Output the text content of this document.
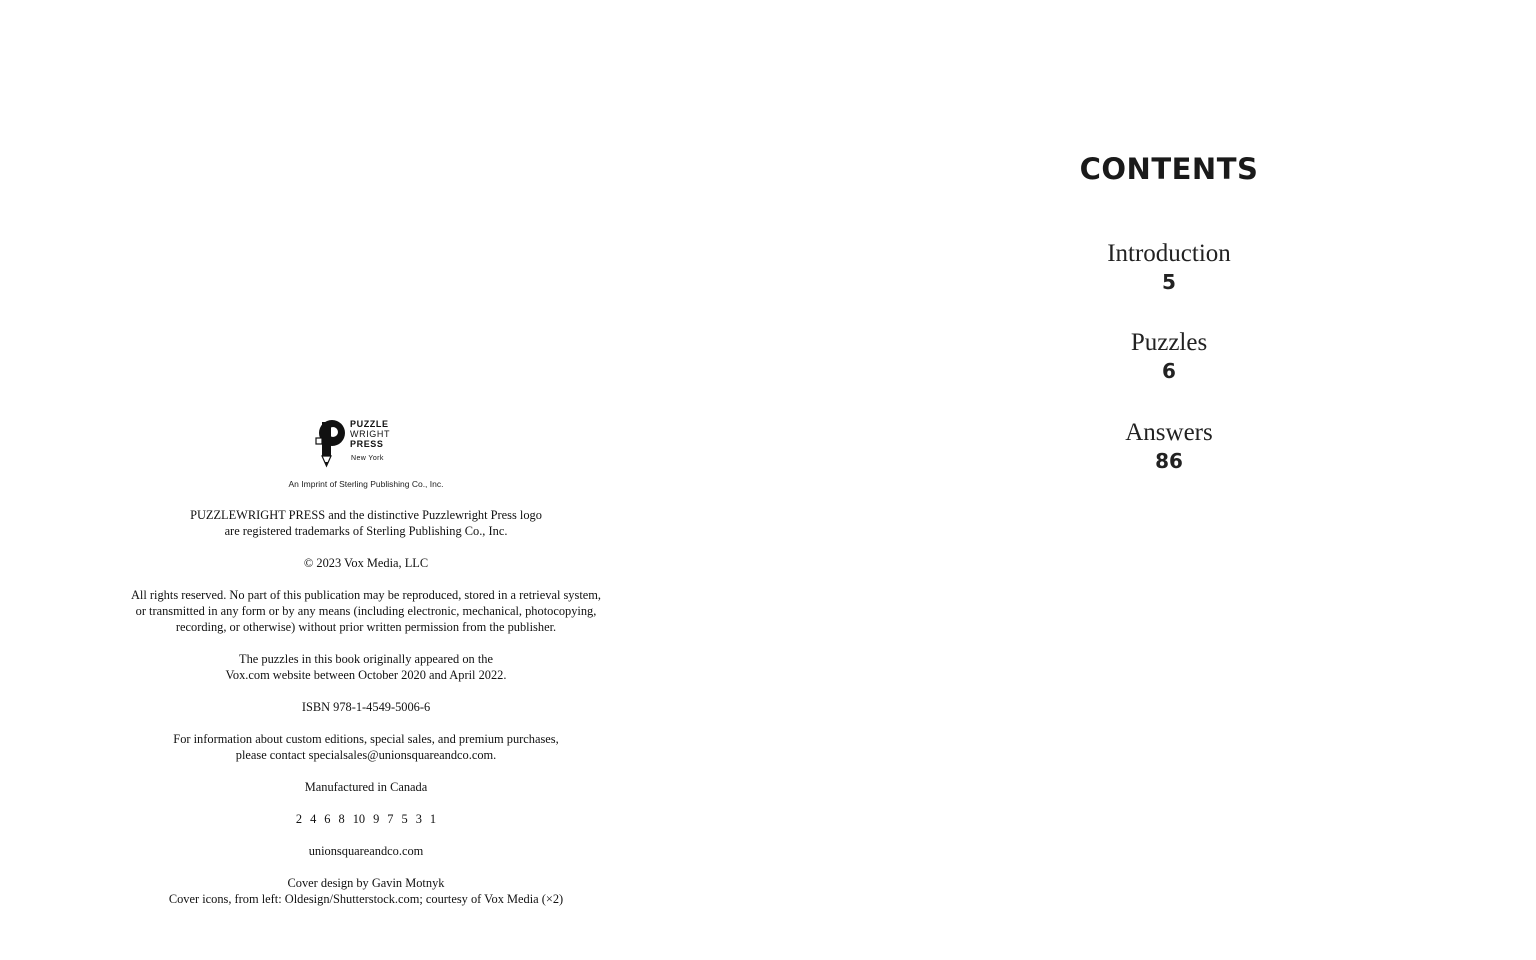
PUZZLE
WRIGHT
PRESS
New York
An Imprint of Sterling Publishing Co., Inc.

PUZZLEWRIGHT PRESS and the distinctive Puzzlewright Press logo
are registered trademarks of Sterling Publishing Co., Inc.

© 2023 Vox Media, LLC

All rights reserved. No part of this publication may be reproduced, stored in a retrieval system,
or transmitted in any form or by any means (including electronic, mechanical, photocopying,
recording, or otherwise) without prior written permission from the publisher.

The puzzles in this book originally appeared on the
Vox.com website between October 2020 and April 2022.

ISBN 978-1-4549-5006-6

For information about custom editions, special sales, and premium purchases,
please contact specialsales@unionsquareandco.com.

Manufactured in Canada

2 4 6 8 10 9 7 5 3 1

unionsquareandco.com

Cover design by Gavin Motnyk
Cover icons, from left: Oldesign/Shutterstock.com; courtesy of Vox Media (×2)

CONTENTS
Introduction
5
Puzzles
6
Answers
86
